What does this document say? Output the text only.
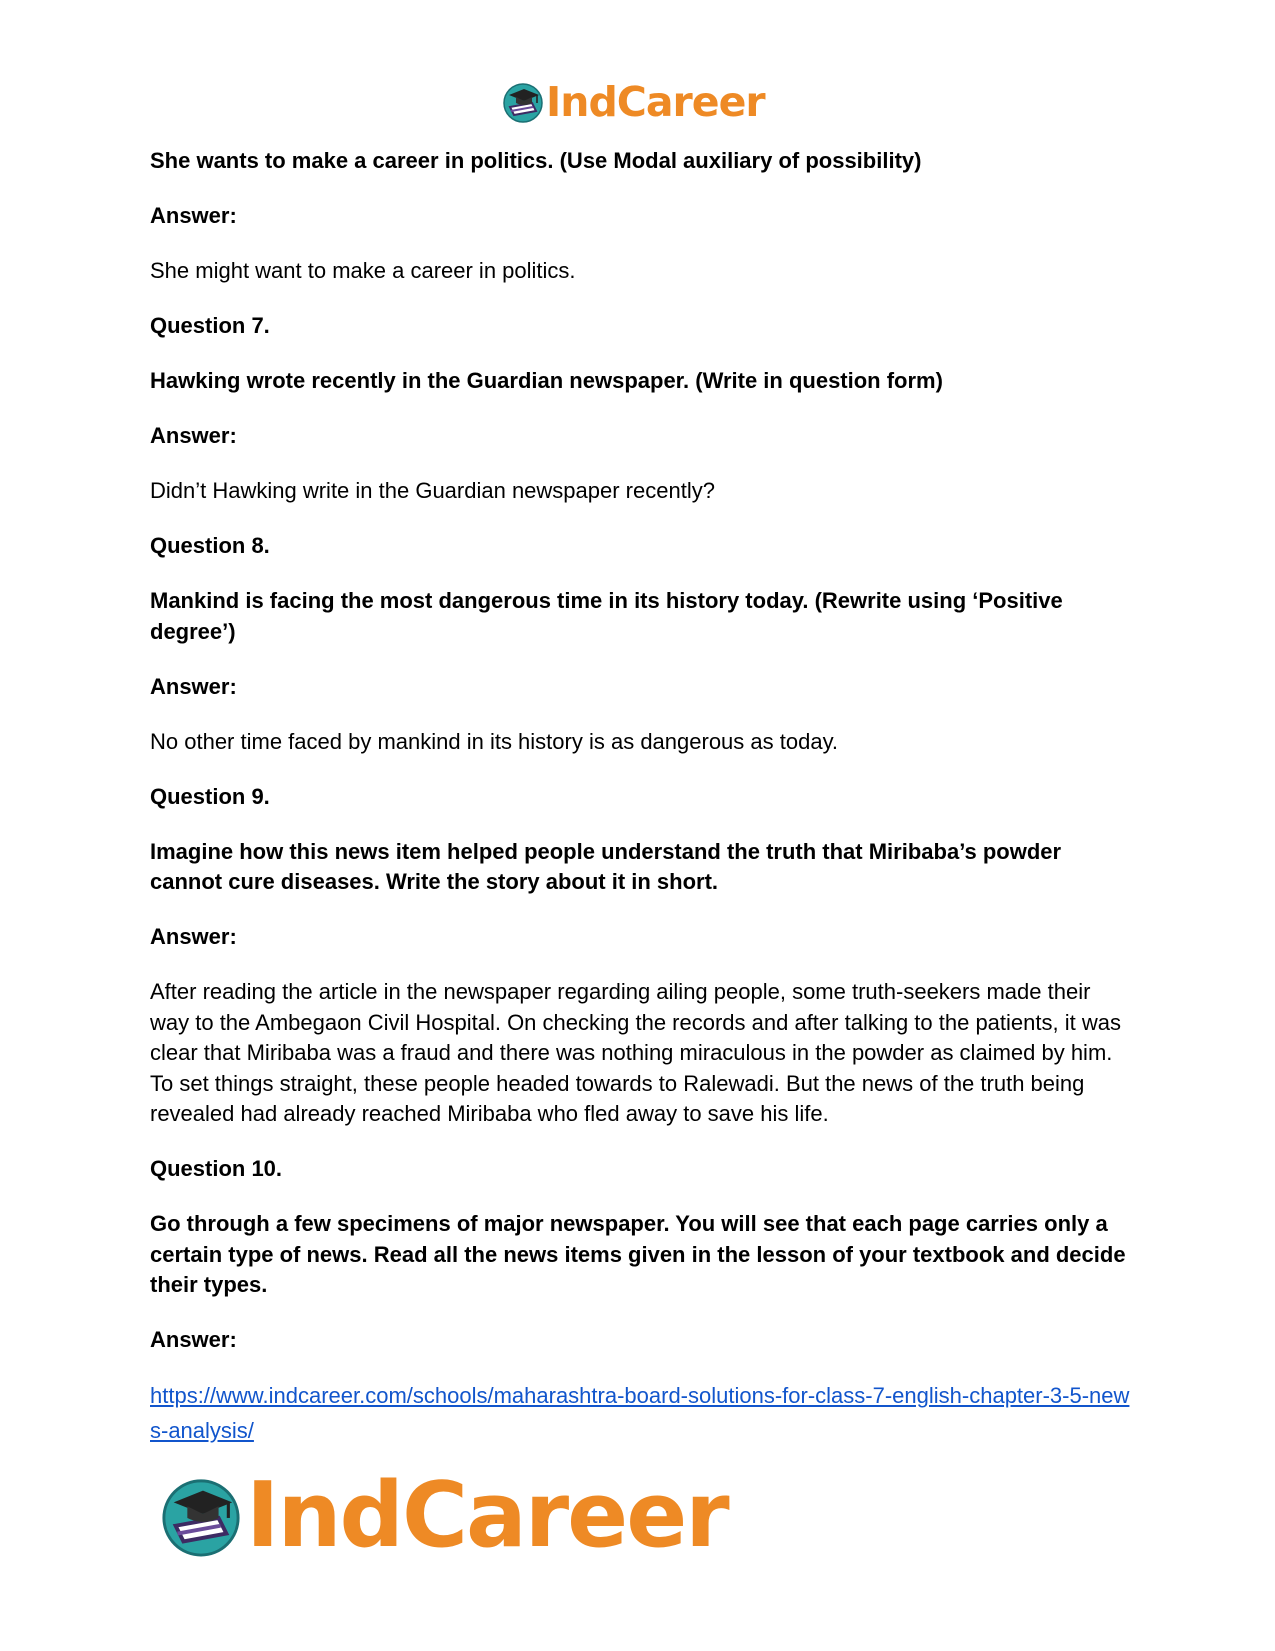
IndCareer

She wants to make a career in politics. (Use Modal auxiliary of possibility)

Answer:

She might want to make a career in politics.

Question 7.

Hawking wrote recently in the Guardian newspaper. (Write in question form)

Answer:

Didn’t Hawking write in the Guardian newspaper recently?

Question 8.

Mankind is facing the most dangerous time in its history today. (Rewrite using ‘Positive degree’)

Answer:

No other time faced by mankind in its history is as dangerous as today.

Question 9.

Imagine how this news item helped people understand the truth that Miribaba’s powder cannot cure diseases. Write the story about it in short.

Answer:

After reading the article in the newspaper regarding ailing people, some truth-seekers made their way to the Ambegaon Civil Hospital. On checking the records and after talking to the patients, it was clear that Miribaba was a fraud and there was nothing miraculous in the powder as claimed by him. To set things straight, these people headed towards to Ralewadi. But the news of the truth being revealed had already reached Miribaba who fled away to save his life.

Question 10.

Go through a few specimens of major newspaper. You will see that each page carries only a certain type of news. Read all the news items given in the lesson of your textbook and decide their types.

Answer:

https://www.indcareer.com/schools/maharashtra-board-solutions-for-class-7-english-chapter-3-5-news-analysis/

IndCareer
